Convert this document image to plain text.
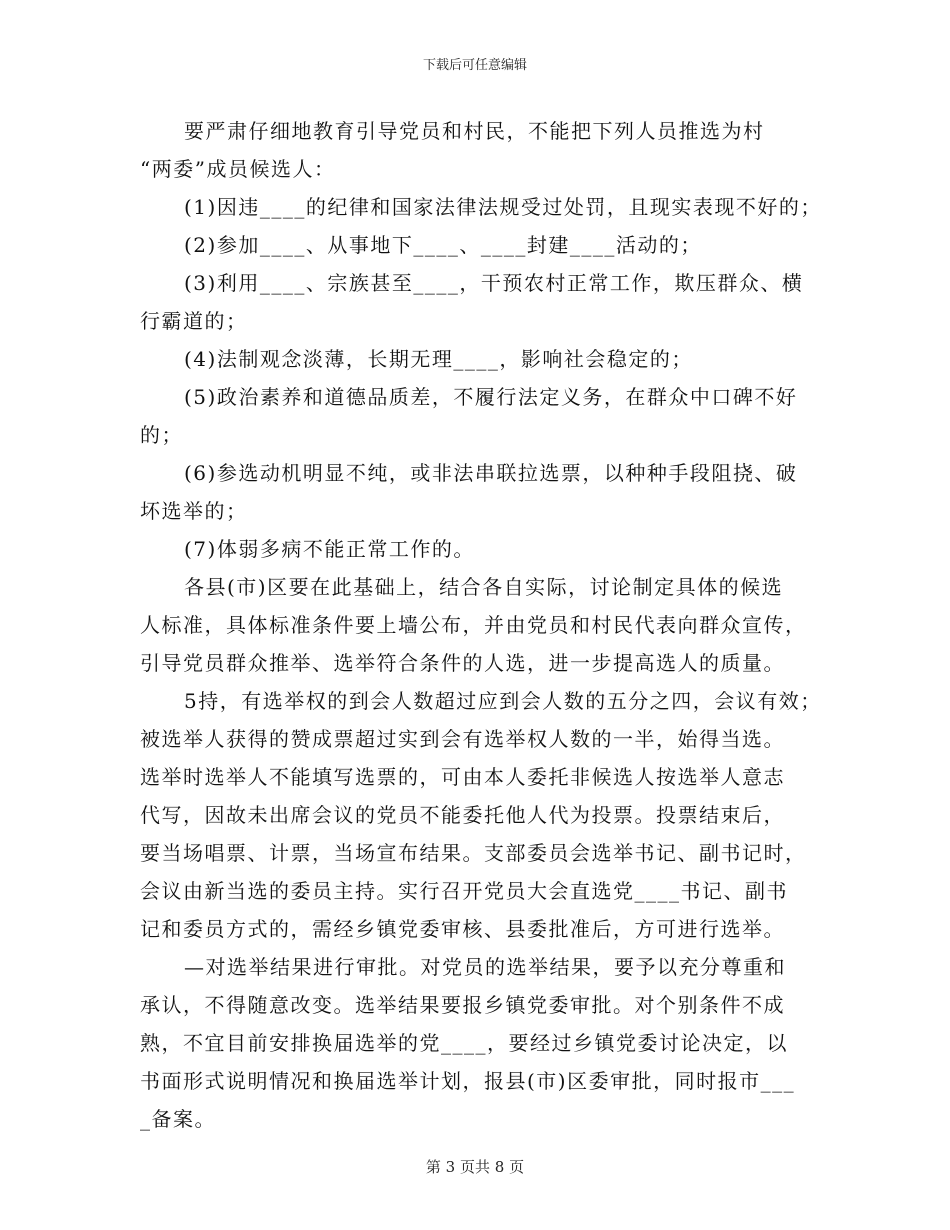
下载后可任意编辑
要严肃仔细地教育引导党员和村民，不能把下列人员推选为村
“两委”成员候选人：
(1)因违____的纪律和国家法律法规受过处罚，且现实表现不好的；
(2)参加____、从事地下____、____封建____活动的；
(3)利用____、宗族甚至____，干预农村正常工作，欺压群众、横
行霸道的；
(4)法制观念淡薄，长期无理____，影响社会稳定的；
(5)政治素养和道德品质差，不履行法定义务，在群众中口碑不好
的；
(6)参选动机明显不纯，或非法串联拉选票，以种种手段阻挠、破
坏选举的；
(7)体弱多病不能正常工作的。
各县(市)区要在此基础上，结合各自实际，讨论制定具体的候选
人标准，具体标准条件要上墙公布，并由党员和村民代表向群众宣传，
引导党员群众推举、选举符合条件的人选，进一步提高选人的质量。
5持，有选举权的到会人数超过应到会人数的五分之四，会议有效；
被选举人获得的赞成票超过实到会有选举权人数的一半，始得当选。
选举时选举人不能填写选票的，可由本人委托非候选人按选举人意志
代写，因故未出席会议的党员不能委托他人代为投票。投票结束后，
要当场唱票、计票，当场宣布结果。支部委员会选举书记、副书记时，
会议由新当选的委员主持。实行召开党员大会直选党____书记、副书
记和委员方式的，需经乡镇党委审核、县委批准后，方可进行选举。
—对选举结果进行审批。对党员的选举结果，要予以充分尊重和
承认，不得随意改变。选举结果要报乡镇党委审批。对个别条件不成
熟，不宜目前安排换届选举的党____，要经过乡镇党委讨论决定，以
书面形式说明情况和换届选举计划，报县(市)区委审批，同时报市___
_备案。
第 3 页共 8 页
